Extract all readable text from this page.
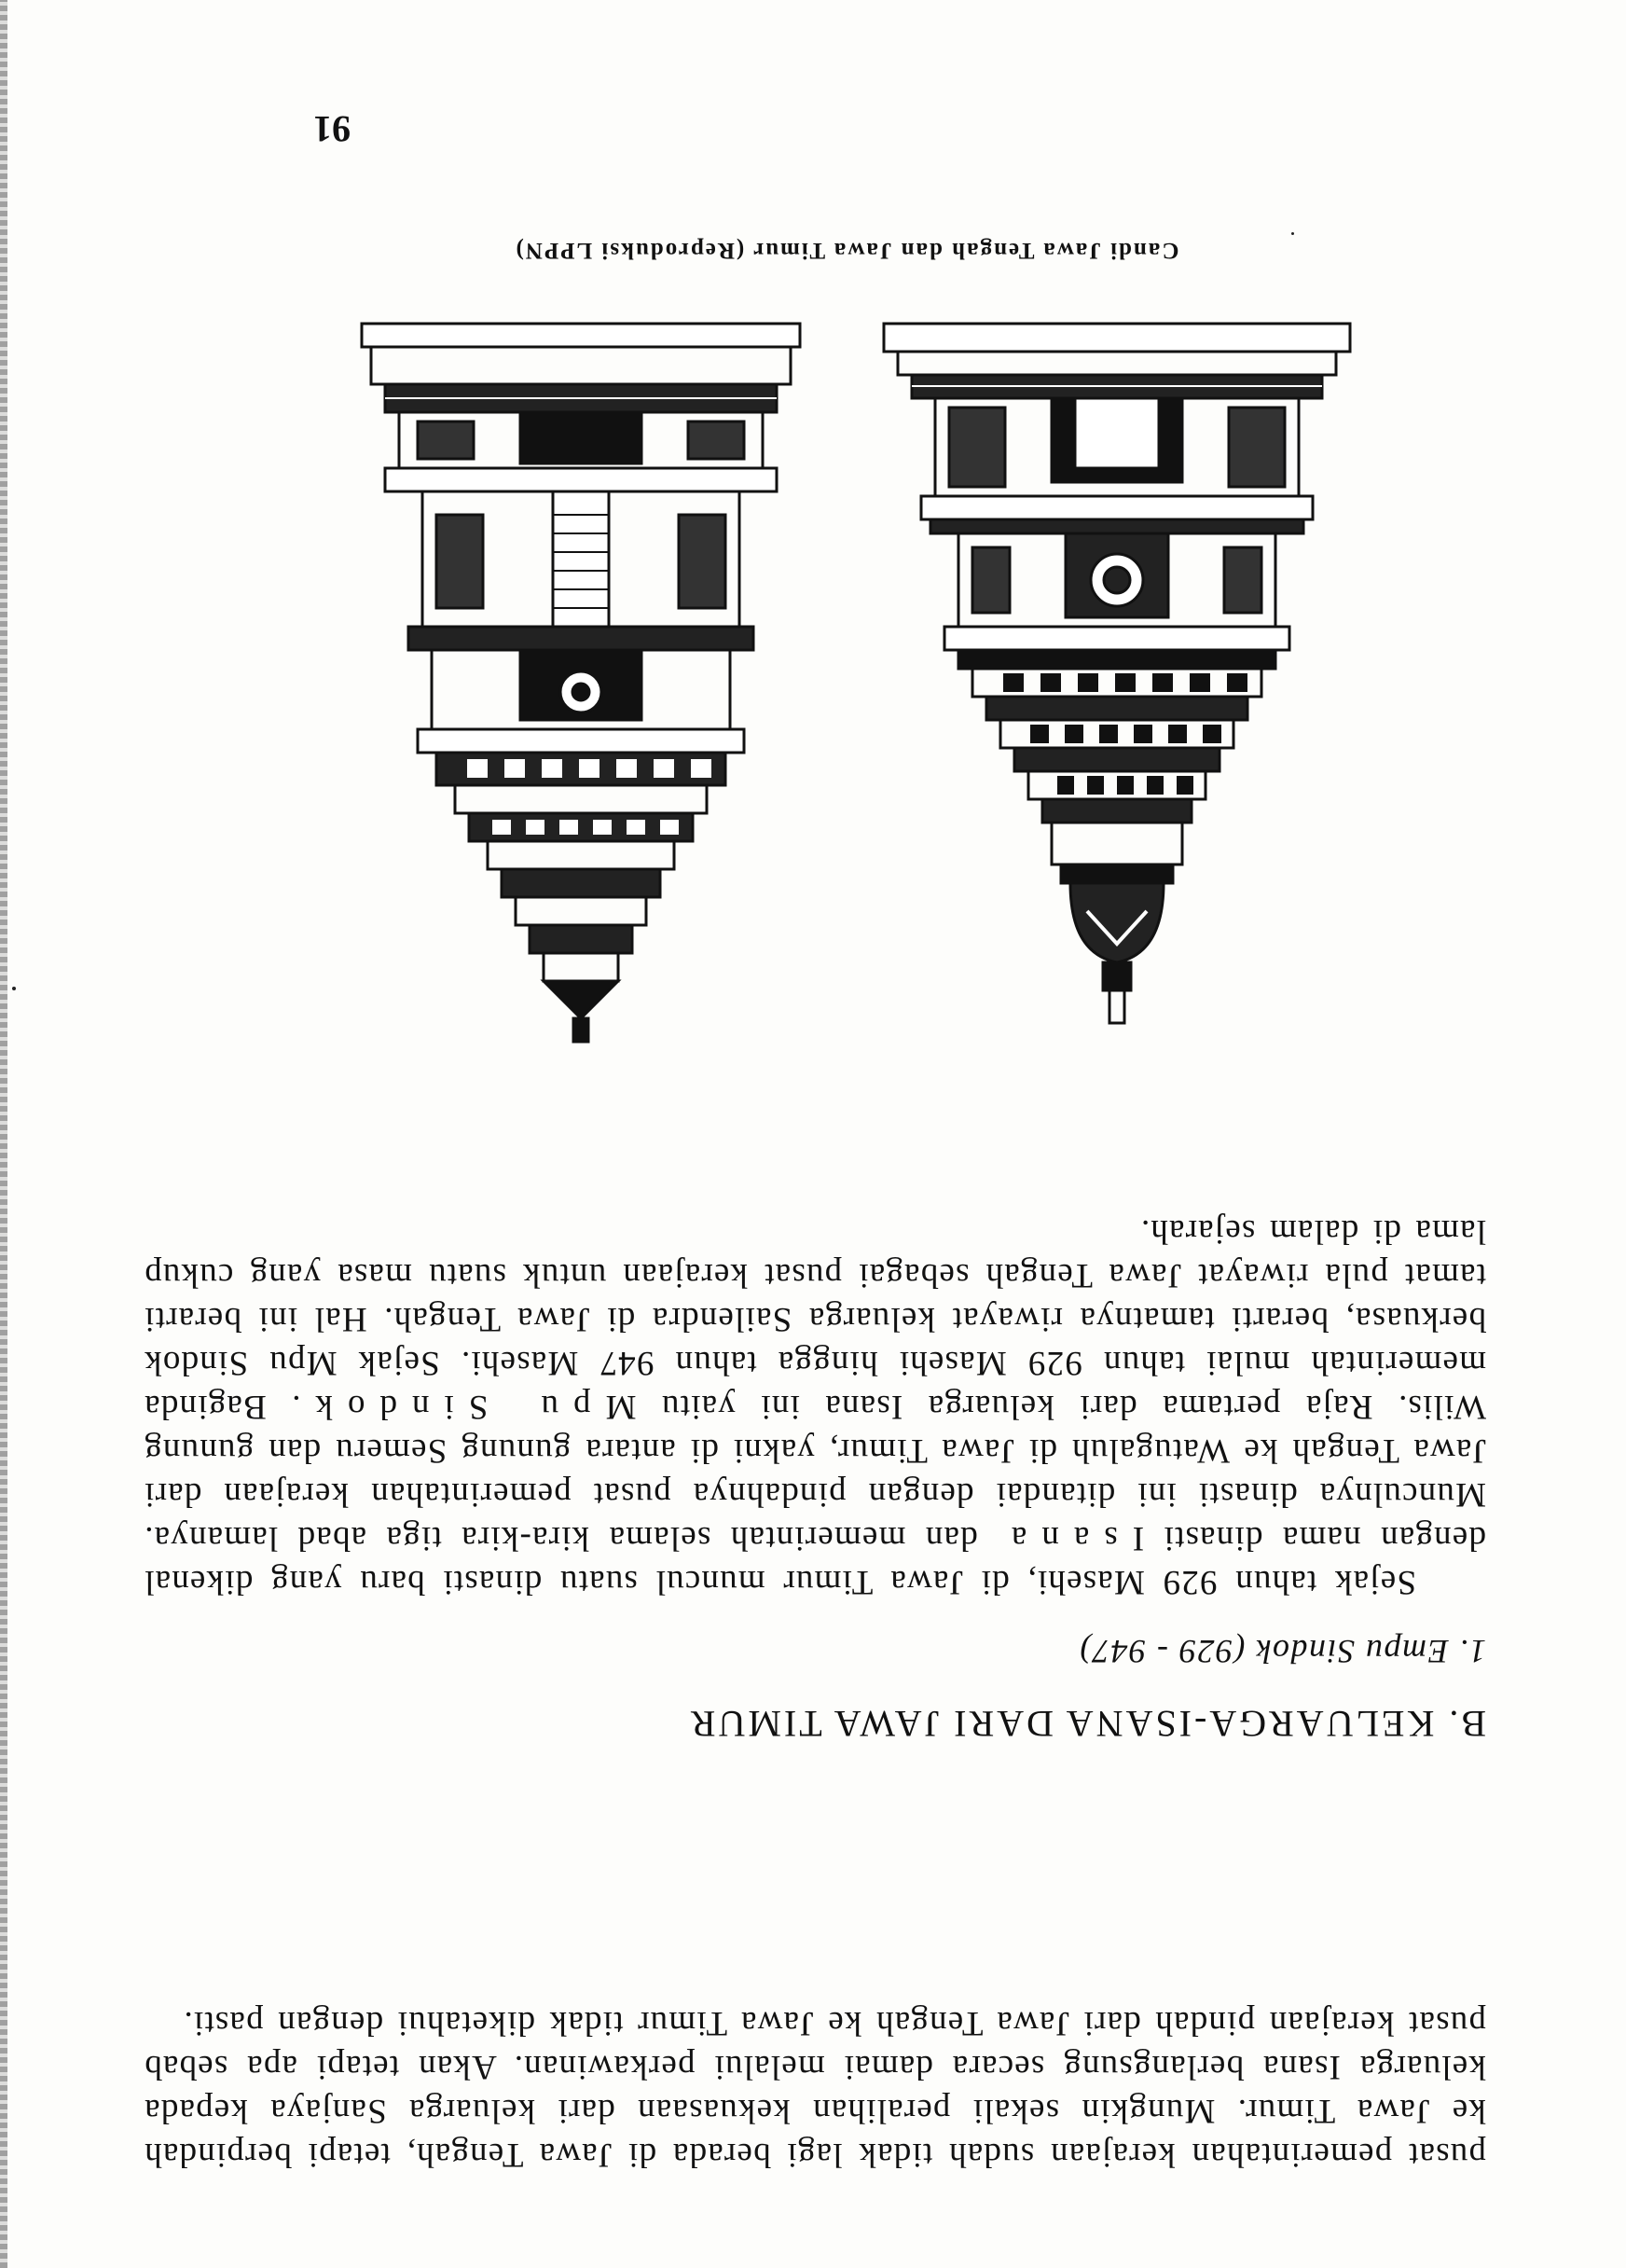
pusat pemerintahan kerajaan sudah tidak lagi berada di Jawa Tengah, tetapi berpindah ke Jawa Timur. Mungkin sekali peralihan kekuasaan dari keluarga Sanjaya kepada keluarga Isana berlangsung secara damai melalui perkawinan. Akan tetapi apa sebab pusat kerajaan pindah dari Jawa Tengah ke Jawa Timur tidak diketahui dengan pasti.

B. KELUARGA-ISANA DARI JAWA TIMUR
1. Empu Sindok (929 - 947)

Sejak tahun 929 Masehi, di Jawa Timur muncul suatu dinasti baru yang dikenal dengan nama dinasti Isana dan memerintah selama kira-kira tiga abad lamanya. Munculnya dinasti ini ditandai dengan pindahnya pusat pemerintahan kerajaan dari Jawa Tengah ke Watugaluh di Jawa Timur, yakni di antara gunung Semeru dan gunung Wilis. Raja pertama dari keluarga Isana ini yaitu Mpu Sindok. Baginda memerintah mulai tahun 929 Masehi hingga tahun 947 Masehi. Sejak Mpu Sindok berkuasa, berarti tamatnya riwayat keluarga Sailendra di Jawa Tengah. Hal ini berarti tamat pula riwayat Jawa Tengah sebagai pusat kerajaan untuk suatu masa yang cukup lama di dalam sejarah.

Candi Jawa Tengah dan Jawa Timur (Reproduksi LPPN)
91
